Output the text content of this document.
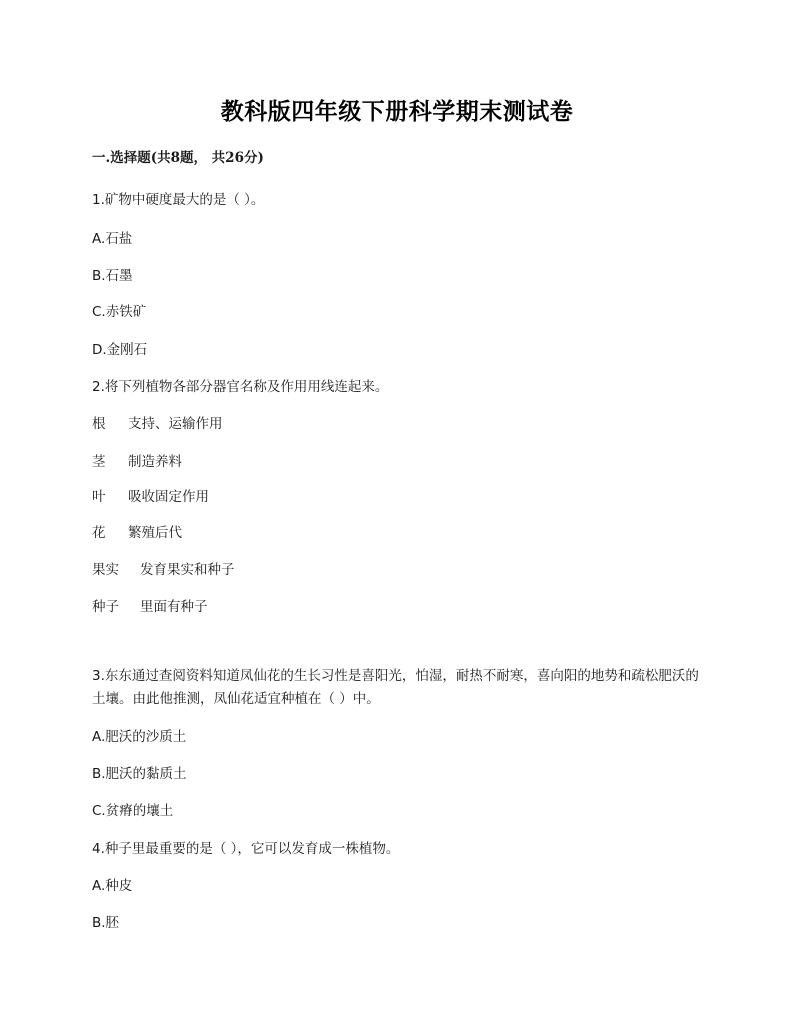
教科版四年级下册科学期末测试卷
一.选择题(共8题， 共26分)
1.矿物中硬度最大的是（ ）。
A.石盐
B.石墨
C.赤铁矿
D.金刚石
2.将下列植物各部分器官名称及作用用线连起来。
根 支持、运输作用
茎 制造养料
叶 吸收固定作用
花 繁殖后代
果实 发育果实和种子
种子 里面有种子
3.东东通过查阅资料知道凤仙花的生长习性是喜阳光，怕湿，耐热不耐寒，喜向阳的地势和疏松肥沃的土壤。由此他推测，凤仙花适宜种植在（ ）中。
A.肥沃的沙质土
B.肥沃的黏质土
C.贫瘠的壤土
4.种子里最重要的是（ ），它可以发育成一株植物。
A.种皮
B.胚
